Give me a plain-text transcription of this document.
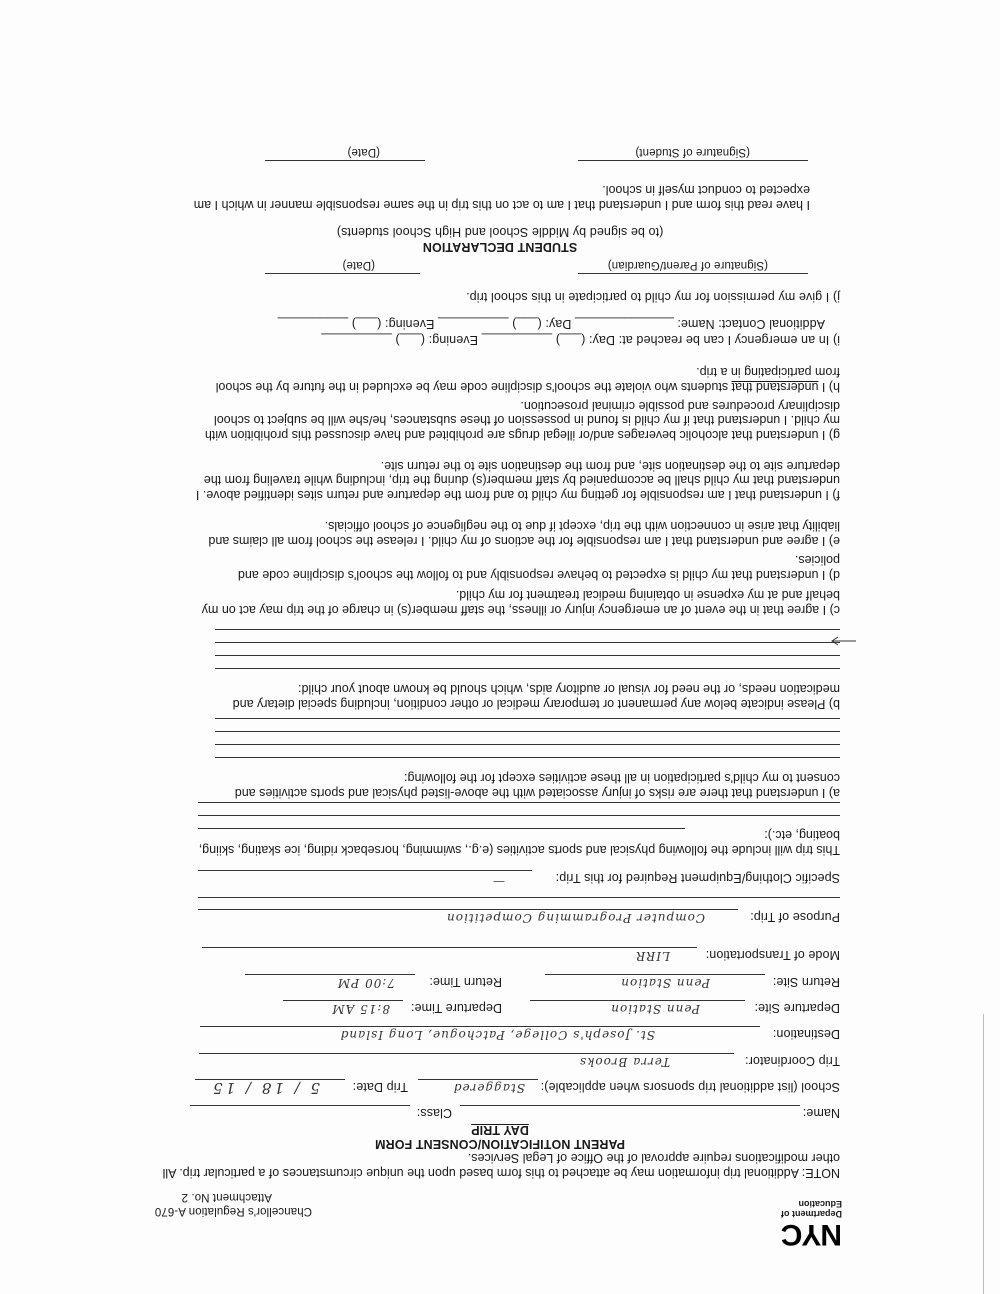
NYC
Department of
Education
Chancellor's Regulation A-670
Attachment No. 2
NOTE: Additional trip information may be attached to this form based upon the unique circumstances of a particular trip. All other modifications require approval of the Office of Legal Services.
PARENT NOTIFICATION/CONSENT FORM
DAY TRIP
Name:
Class:
School (list additional trip sponsors when applicable):
Staggered
Trip Date:
5 / 18 / 15
Trip Coordinator:
Terra Brooks
Destination:
St. Joseph's College, Patchogue, Long Island
Departure Site:
Penn Station
Departure Time:
8:15 AM
Return Site:
Penn Station
Return Time:
7:00 PM
Mode of Transportation:
LIRR
Purpose of Trip:
Computer Programming Competition
Specific Clothing/Equipment Required for this Trip:
—
This trip will include the following physical and sports activities (e.g., swimming, horseback riding, ice skating, skiing, boating, etc.):
a) I understand that there are risks of injury associated with the above-listed physical and sports activities and consent to my child's participation in all these activities except for the following:
b) Please indicate below any permanent or temporary medical or other condition, including special dietary and medication needs, or the need for visual or auditory aids, which should be known about your child:
c) I agree that in the event of an emergency injury or illness, the staff member(s) in charge of the trip may act on my behalf and at my expense in obtaining medical treatment for my child.
d) I understand that my child is expected to behave responsibly and to follow the school's discipline code and policies.
e) I agree and understand that I am responsible for the actions of my child. I release the school from all claims and liability that arise in connection with the trip, except if due to the negligence of school officials.
f) I understand that I am responsible for getting my child to and from the departure and return sites identified above. I understand that my child shall be accompanied by staff member(s) during the trip, including while traveling from the departure site to the destination site, and from the destination site to the return site.
g) I understand that alcoholic beverages and/or illegal drugs are prohibited and have discussed this prohibition with my child. I understand that if my child is found in possession of these substances, he/she will be subject to school disciplinary procedures and possible criminal prosecution.
h) I understand that students who violate the school's discipline code may be excluded in the future by the school from participating in a trip.
i) In an emergency I can be reached at: Day: (___) __________ Evening: (___) __________
Additional Contact: Name: ______________ Day: (___) __________ Evening: (___) __________
j) I give my permission for my child to participate in this school trip.
(Signature of Parent/Guardian)
(Date)
STUDENT DECLARATION
(to be signed by Middle School and High School students)
I have read this form and I understand that I am to act on this trip in the same responsible manner in which I am expected to conduct myself in school.
(Signature of Student)
(Date)
